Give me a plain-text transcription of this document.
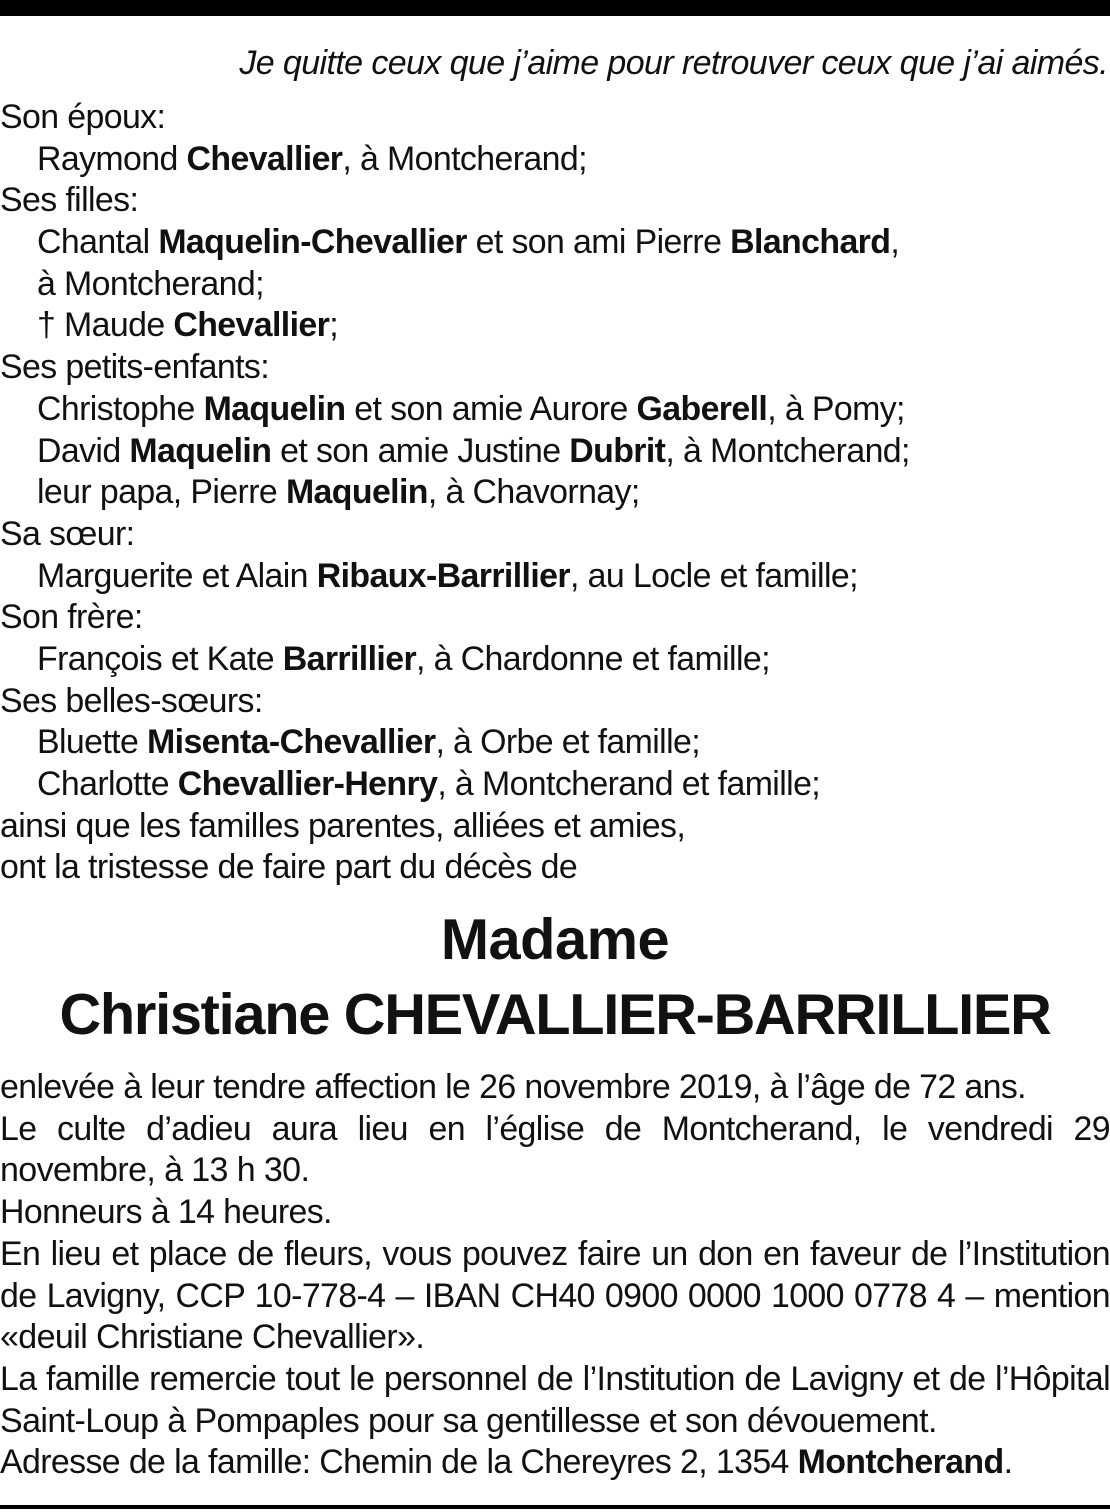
Je quitte ceux que j’aime pour retrouver ceux que j’ai aimés.
Son époux:
Raymond Chevallier, à Montcherand;
Ses filles:
Chantal Maquelin-Chevallier et son ami Pierre Blanchard,
à Montcherand;
† Maude Chevallier;
Ses petits-enfants:
Christophe Maquelin et son amie Aurore Gaberell, à Pomy;
David Maquelin et son amie Justine Dubrit, à Montcherand;
leur papa, Pierre Maquelin, à Chavornay;
Sa sœur:
Marguerite et Alain Ribaux-Barrillier, au Locle et famille;
Son frère:
François et Kate Barrillier, à Chardonne et famille;
Ses belles-sœurs:
Bluette Misenta-Chevallier, à Orbe et famille;
Charlotte Chevallier-Henry, à Montcherand et famille;
ainsi que les familles parentes, alliées et amies,
ont la tristesse de faire part du décès de
Madame
Christiane CHEVALLIER-BARRILLIER
enlevée à leur tendre affection le 26 novembre 2019, à l’âge de 72 ans.
Le culte d’adieu aura lieu en l’église de Montcherand, le vendredi 29
novembre, à 13 h 30.
Honneurs à 14 heures.
En lieu et place de fleurs, vous pouvez faire un don en faveur de l’Institution
de Lavigny, CCP 10-778-4 – IBAN CH40 0900 0000 1000 0778 4 – mention
«deuil Christiane Chevallier».
La famille remercie tout le personnel de l’Institution de Lavigny et de l’Hôpital
Saint-Loup à Pompaples pour sa gentillesse et son dévouement.
Adresse de la famille: Chemin de la Chereyres 2, 1354 Montcherand.
